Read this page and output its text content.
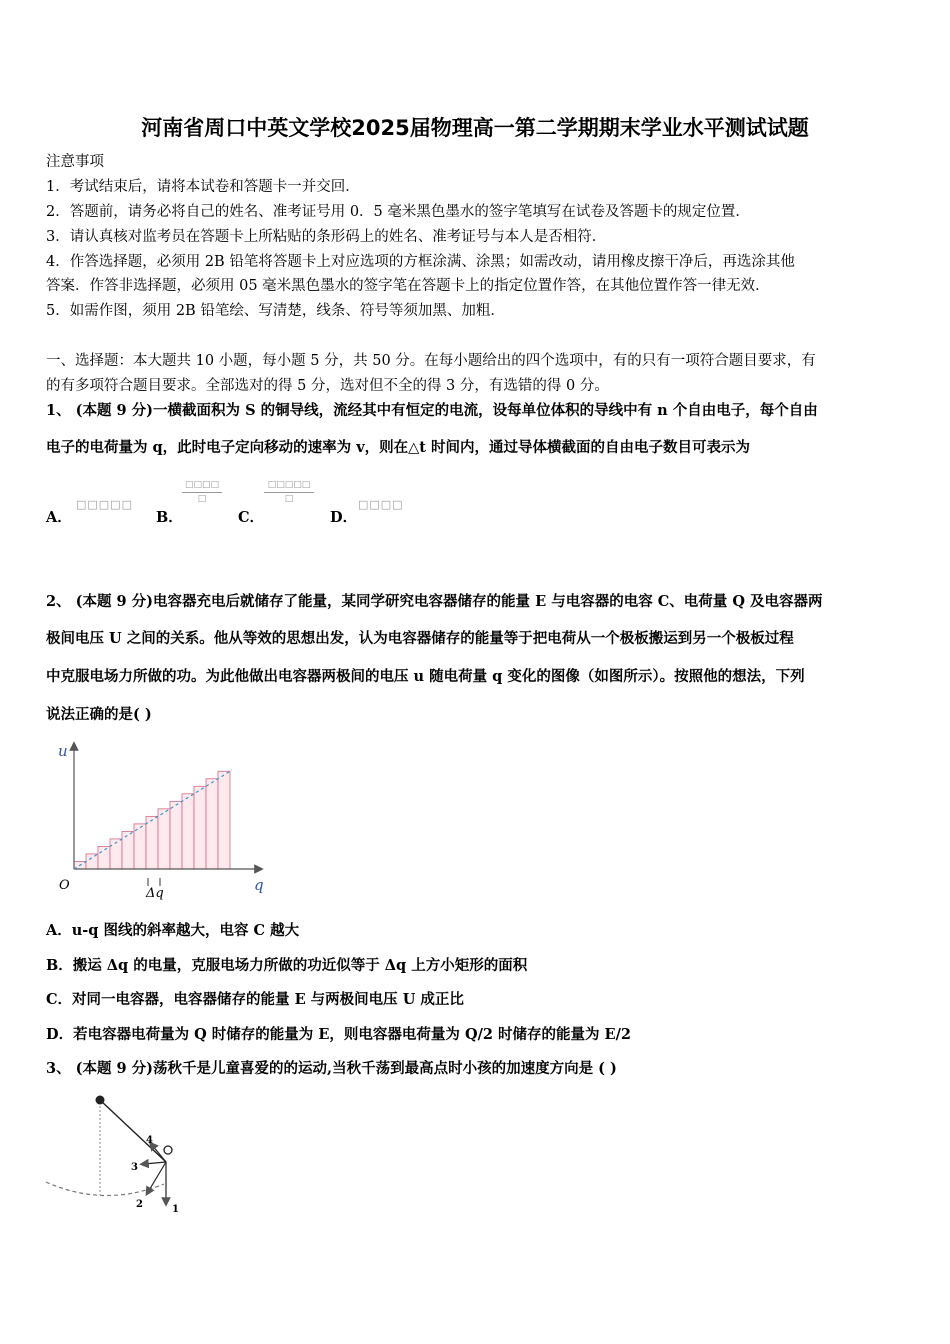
河南省周口中英文学校2025届物理高一第二学期期末学业水平测试试题
注意事项
1．考试结束后，请将本试卷和答题卡一并交回．
2．答题前，请务必将自己的姓名、准考证号用 0．5 毫米黑色墨水的签字笔填写在试卷及答题卡的规定位置．
3．请认真核对监考员在答题卡上所粘贴的条形码上的姓名、准考证号与本人是否相符．
4．作答选择题，必须用 2B 铅笔将答题卡上对应选项的方框涂满、涂黑；如需改动，请用橡皮擦干净后，再选涂其他
答案．作答非选择题，必须用 05 毫米黑色墨水的签字笔在答题卡上的指定位置作答，在其他位置作答一律无效．
5．如需作图，须用 2B 铅笔绘、写清楚，线条、符号等须加黑、加粗．
一、选择题：本大题共 10 小题，每小题 5 分，共 50 分。在每小题给出的四个选项中，有的只有一项符合题目要求，有
的有多项符合题目要求。全部选对的得 5 分，选对但不全的得 3 分，有选错的得 0 分。
1、 (本题 9 分)一横截面积为 S 的铜导线，流经其中有恒定的电流，设每单位体积的导线中有 n 个自由电子，每个自由
电子的电荷量为 q，此时电子定向移动的速率为 v，则在△t 时间内，通过导体横截面的自由电子数目可表示为
A．
□□□□□
B．
□□□□
□
C．
□□□□□
□
D．
□□□□
2、 (本题 9 分)电容器充电后就储存了能量，某同学研究电容器储存的能量 E 与电容器的电容 C、电荷量 Q 及电容器两
极间电压 U 之间的关系。他从等效的思想出发，认为电容器储存的能量等于把电荷从一个极板搬运到另一个极板过程
中克服电场力所做的功。为此他做出电容器两极间的电压 u 随电荷量 q 变化的图像（如图所示）。按照他的想法，下列
说法正确的是( )
u
q
O
Δq
A．u-q 图线的斜率越大，电容 C 越大
B．搬运 Δq 的电量，克服电场力所做的功近似等于 Δq 上方小矩形的面积
C．对同一电容器，电容器储存的能量 E 与两极间电压 U 成正比
D．若电容器电荷量为 Q 时储存的能量为 E，则电容器电荷量为 Q/2 时储存的能量为 E/2
3、 (本题 9 分)荡秋千是儿童喜爱的的运动,当秋千荡到最高点时小孩的加速度方向是 ( )
4
3
2	1
